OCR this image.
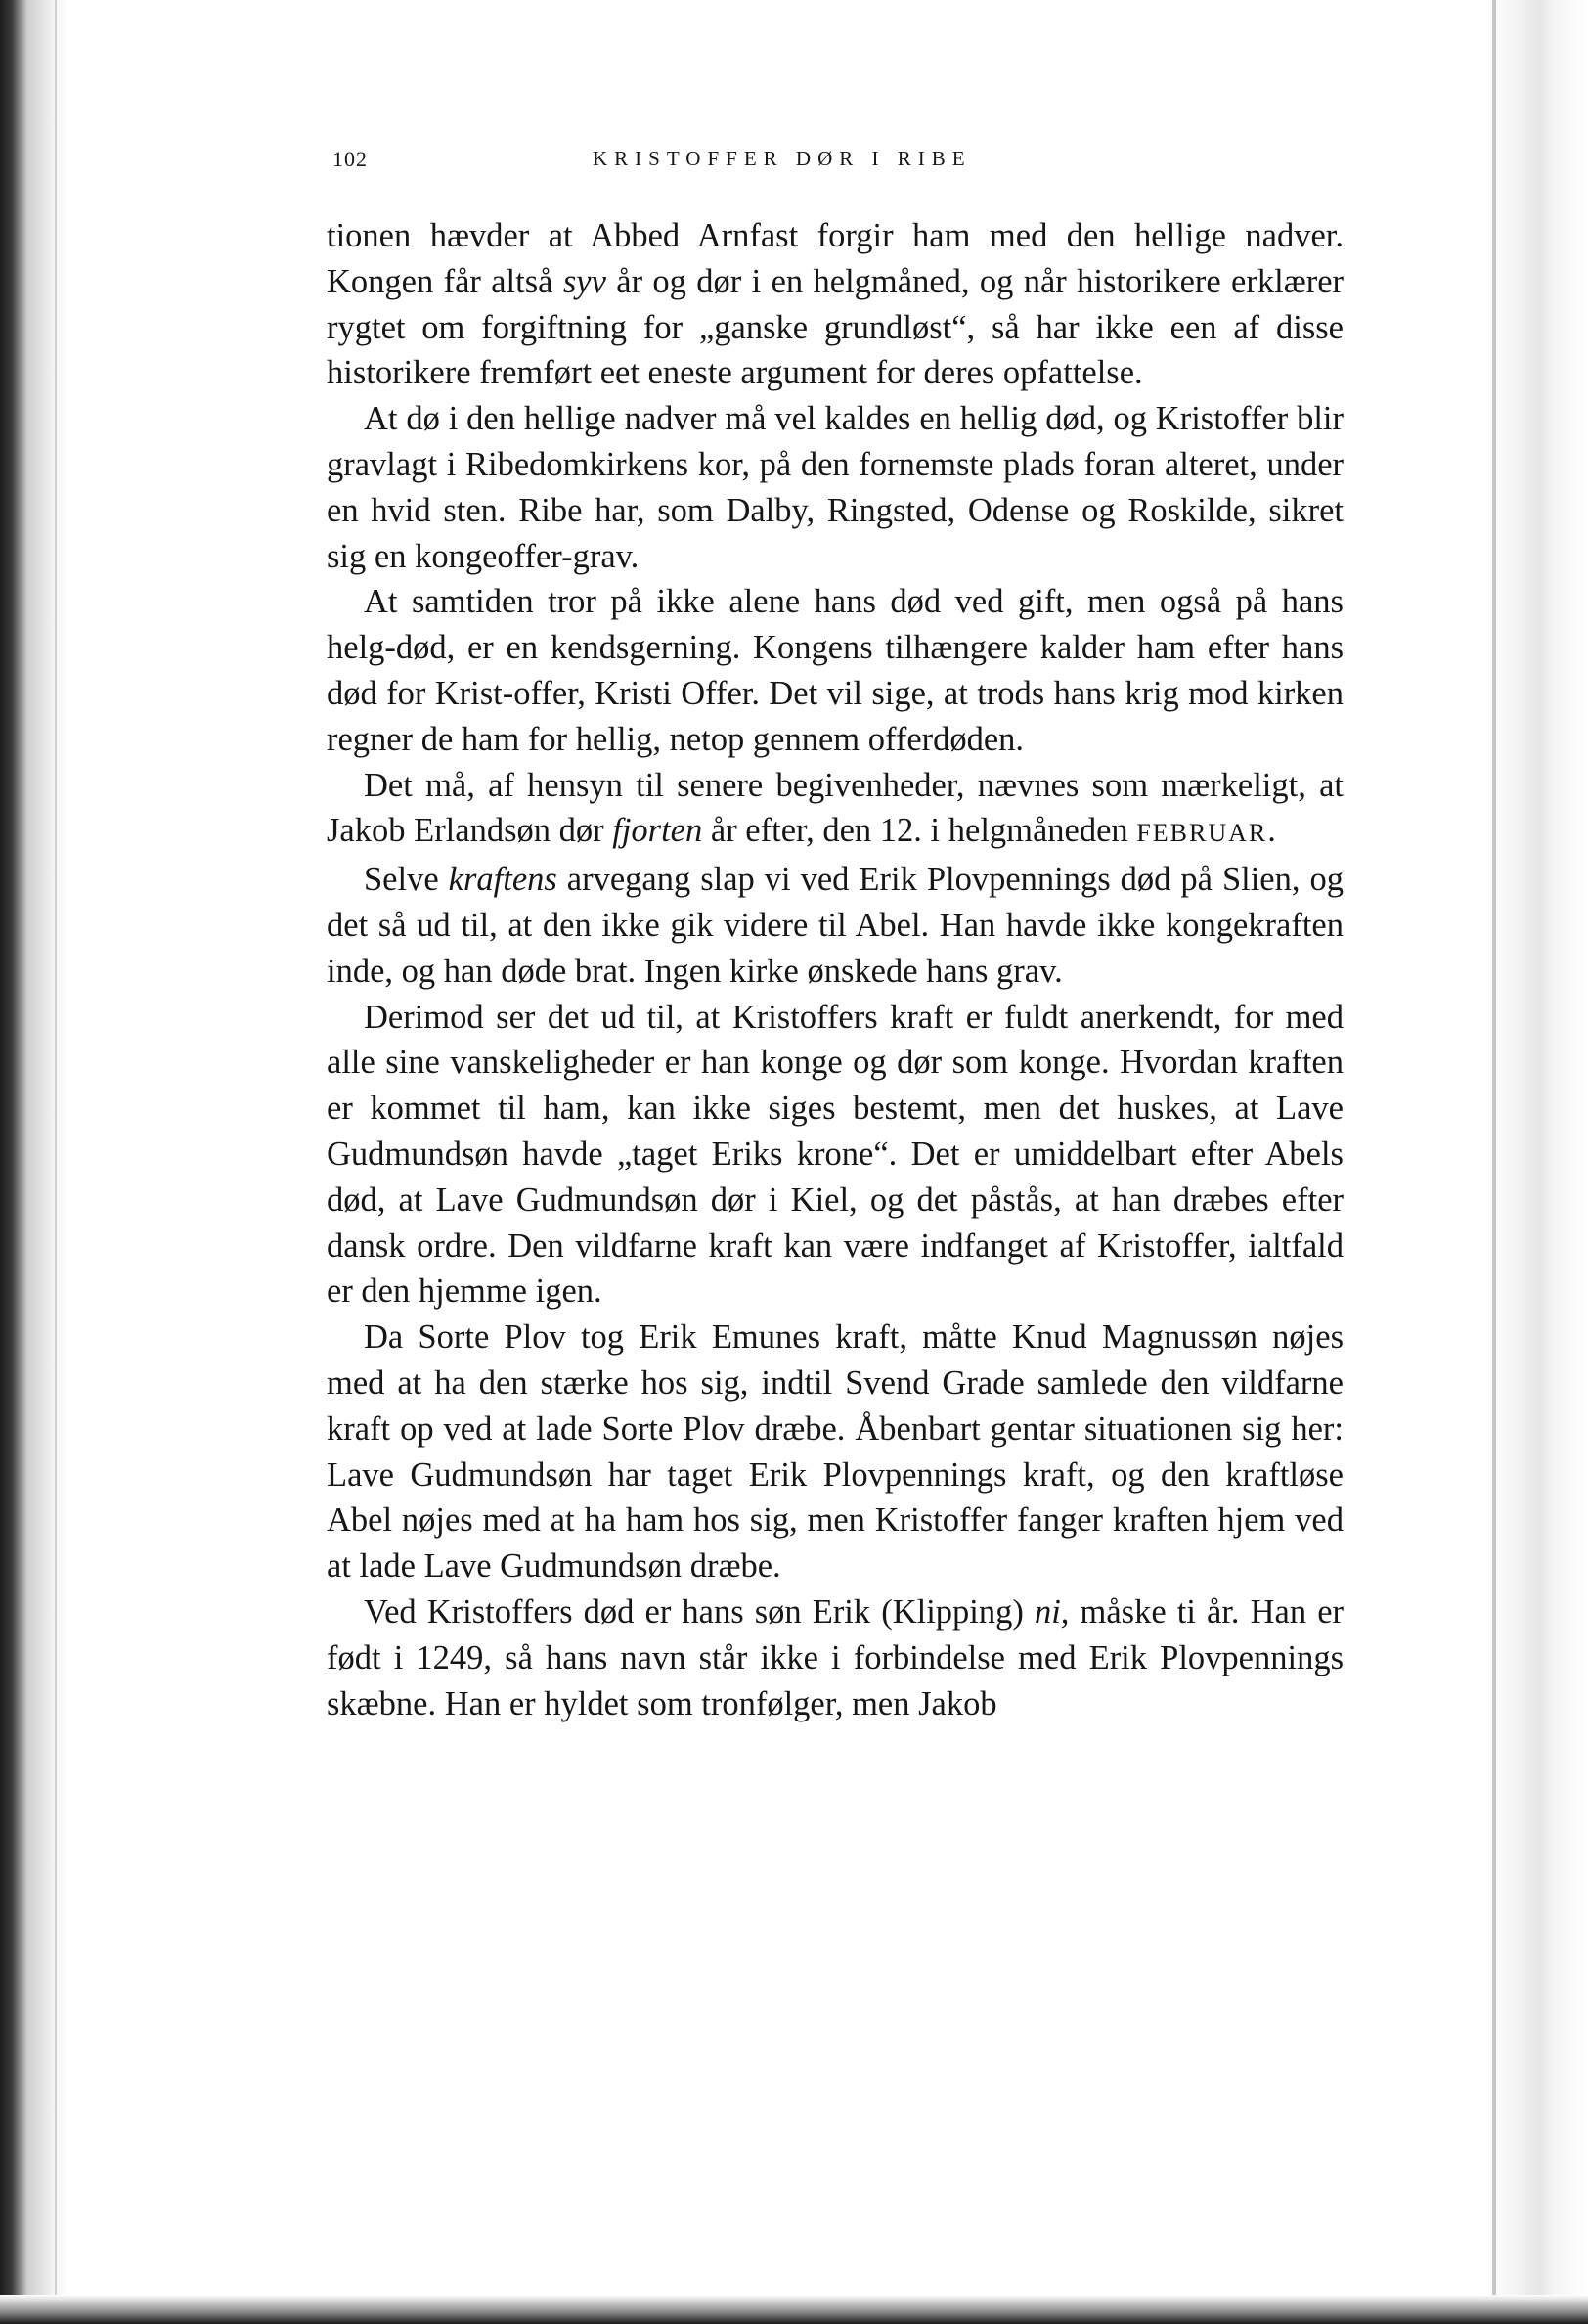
102	KRISTOFFER DØR I RIBE

tionen hævder at Abbed Arnfast forgir ham med den hellige nadver. Kongen får altså syv år og dør i en helgmåned, og når historikere erklærer rygtet om forgiftning for „ganske grundløst“, så har ikke een af disse historikere fremført eet eneste argument for deres opfattelse.

At dø i den hellige nadver må vel kaldes en hellig død, og Kristoffer blir gravlagt i Ribedomkirkens kor, på den fornemste plads foran alteret, under en hvid sten. Ribe har, som Dalby, Ringsted, Odense og Roskilde, sikret sig en kongeoffer-grav.

At samtiden tror på ikke alene hans død ved gift, men også på hans helg-død, er en kendsgerning. Kongens tilhængere kalder ham efter hans død for Krist-offer, Kristi Offer. Det vil sige, at trods hans krig mod kirken regner de ham for hellig, netop gennem offerdøden.

Det må, af hensyn til senere begivenheder, nævnes som mærkeligt, at Jakob Erlandsøn dør fjorten år efter, den 12. i helgmåneden FEBRUAR.

Selve kraftens arvegang slap vi ved Erik Plovpennings død på Slien, og det så ud til, at den ikke gik videre til Abel. Han havde ikke kongekraften inde, og han døde brat. Ingen kirke ønskede hans grav.

Derimod ser det ud til, at Kristoffers kraft er fuldt anerkendt, for med alle sine vanskeligheder er han konge og dør som konge. Hvordan kraften er kommet til ham, kan ikke siges bestemt, men det huskes, at Lave Gudmundsøn havde „taget Eriks krone“. Det er umiddelbart efter Abels død, at Lave Gudmundsøn dør i Kiel, og det påstås, at han dræbes efter dansk ordre. Den vildfarne kraft kan være indfanget af Kristoffer, ialtfald er den hjemme igen.

Da Sorte Plov tog Erik Emunes kraft, måtte Knud Magnussøn nøjes med at ha den stærke hos sig, indtil Svend Grade samlede den vildfarne kraft op ved at lade Sorte Plov dræbe. Åbenbart gentar situationen sig her: Lave Gudmundsøn har taget Erik Plovpennings kraft, og den kraftløse Abel nøjes med at ha ham hos sig, men Kristoffer fanger kraften hjem ved at lade Lave Gudmundsøn dræbe.

Ved Kristoffers død er hans søn Erik (Klipping) ni, måske ti år. Han er født i 1249, så hans navn står ikke i forbindelse med Erik Plovpennings skæbne. Han er hyldet som tronfølger, men Jakob
